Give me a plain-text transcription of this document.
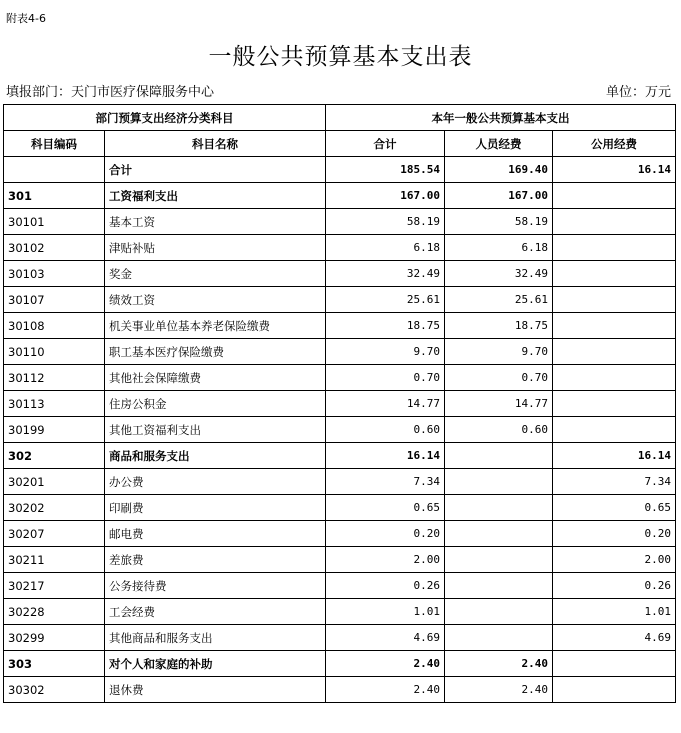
附表4-6
一般公共预算基本支出表
填报部门：天门市医疗保障服务中心	单位：万元
部门预算支出经济分类科目		本年一般公共预算基本支出		
科目编码	科目名称	合计	人员经费	公用经费
	合计	185.54	169.40	16.14
301	工资福利支出	167.00	167.00	
30101	基本工资	58.19	58.19	
30102	津贴补贴	6.18	6.18	
30103	奖金	32.49	32.49	
30107	绩效工资	25.61	25.61	
30108	机关事业单位基本养老保险缴费	18.75	18.75	
30110	职工基本医疗保险缴费	9.70	9.70	
30112	其他社会保障缴费	0.70	0.70	
30113	住房公积金	14.77	14.77	
30199	其他工资福利支出	0.60	0.60	
302	商品和服务支出	16.14		16.14
30201	办公费	7.34		7.34
30202	印刷费	0.65		0.65
30207	邮电费	0.20		0.20
30211	差旅费	2.00		2.00
30217	公务接待费	0.26		0.26
30228	工会经费	1.01		1.01
30299	其他商品和服务支出	4.69		4.69
303	对个人和家庭的补助	2.40	2.40	
30302	退休费	2.40	2.40	
